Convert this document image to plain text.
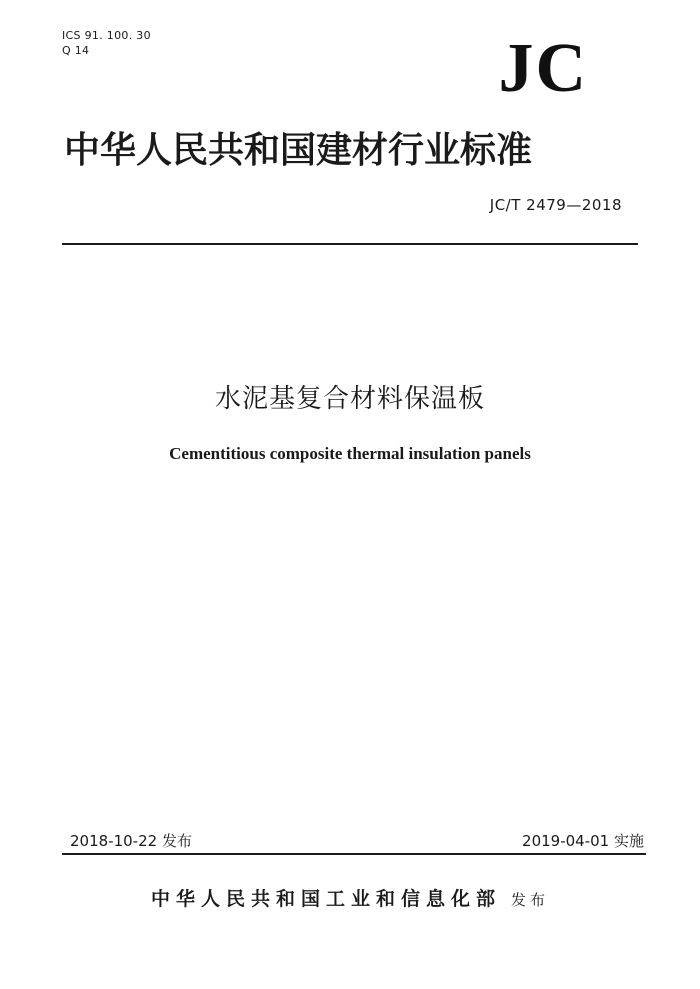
ICS 91. 100. 30
Q 14	JC
中华人民共和国建材行业标准
JC/T 2479—2018
水泥基复合材料保温板
Cementitious composite thermal insulation panels
2018-10-22 发布	2019-04-01 实施
中华人民共和国工业和信息化部 发布
